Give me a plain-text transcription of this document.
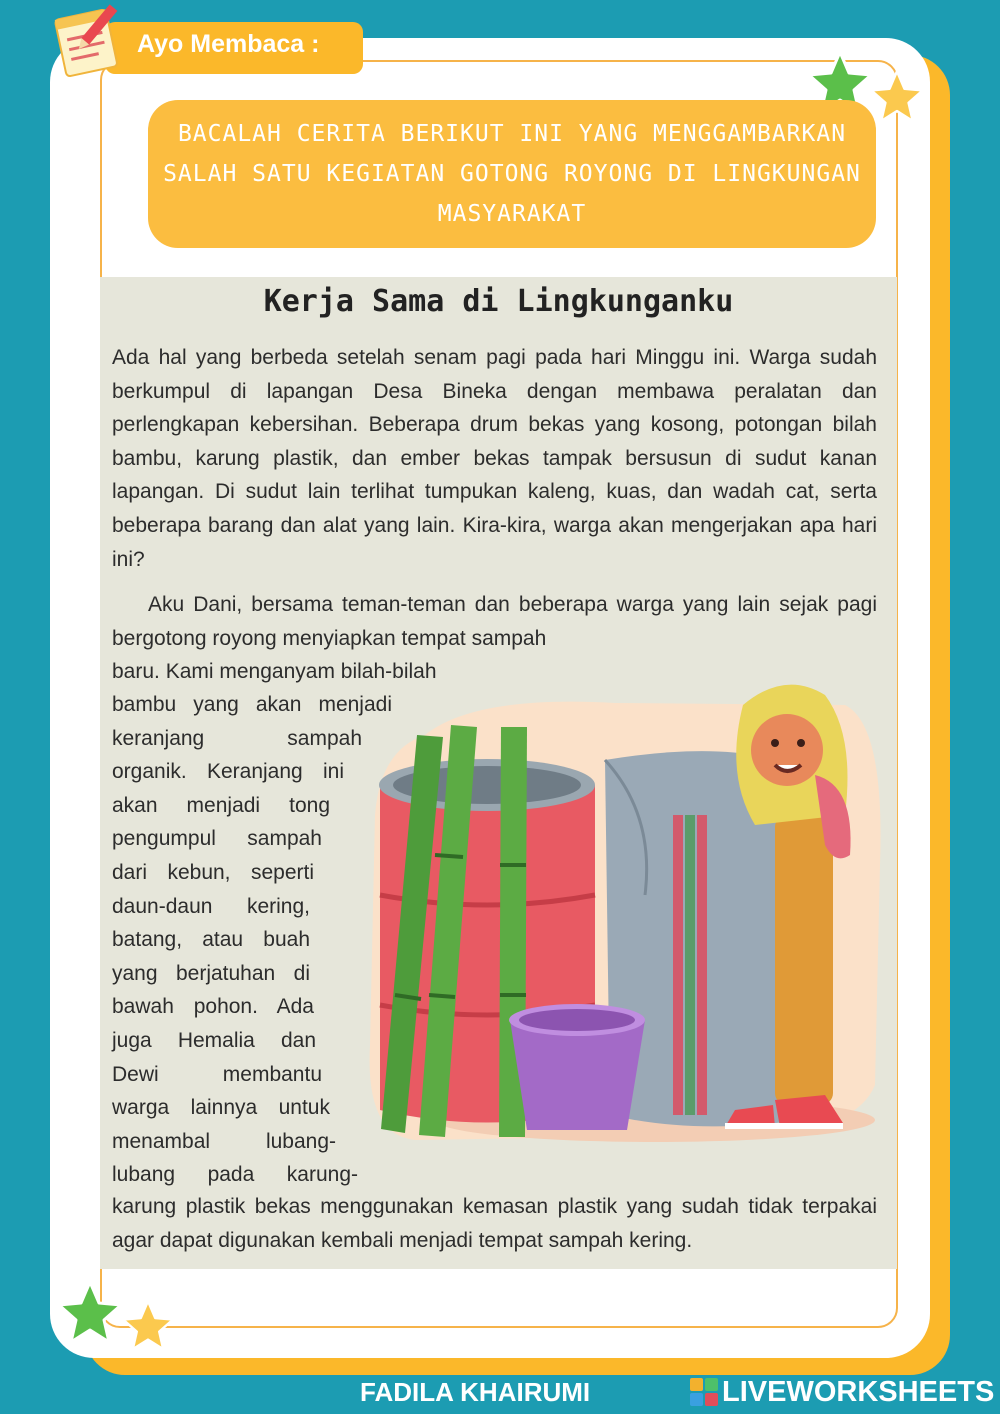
Ayo Membaca :

BACALAH CERITA BERIKUT INI YANG MENGGAMBARKAN SALAH SATU KEGIATAN GOTONG ROYONG DI LINGKUNGAN MASYARAKAT

Kerja Sama di Lingkunganku

Ada hal yang berbeda setelah senam pagi pada hari Minggu ini. Warga sudah berkumpul di lapangan Desa Bineka dengan membawa peralatan dan perlengkapan kebersihan. Beberapa drum bekas yang kosong, potongan bilah bambu, karung plastik, dan ember bekas tampak bersusun di sudut kanan lapangan. Di sudut lain terlihat tumpukan kaleng, kuas, dan wadah cat, serta beberapa barang dan alat yang lain. Kira-kira, warga akan mengerjakan apa hari ini?

Aku Dani, bersama teman-teman dan beberapa warga yang lain sejak pagi bergotong royong menyiapkan tempat sampah

baru. Kami menganyam bilah-bilah

bambu yang akan menjadi
keranjang sampah
organik. Keranjang ini
akan menjadi tong
pengumpul sampah
dari kebun, seperti
daun-daun kering,
batang, atau buah
yang berjatuhan di
bawah pohon. Ada
juga Hemalia dan
Dewi membantu
warga lainnya untuk
menambal lubang-
lubang pada karung-

karung plastik bekas menggunakan kemasan plastik yang sudah tidak terpakai agar dapat digunakan kembali menjadi tempat sampah kering.

FADILA KHAIRUMI	LIVEWORKSHEETS
